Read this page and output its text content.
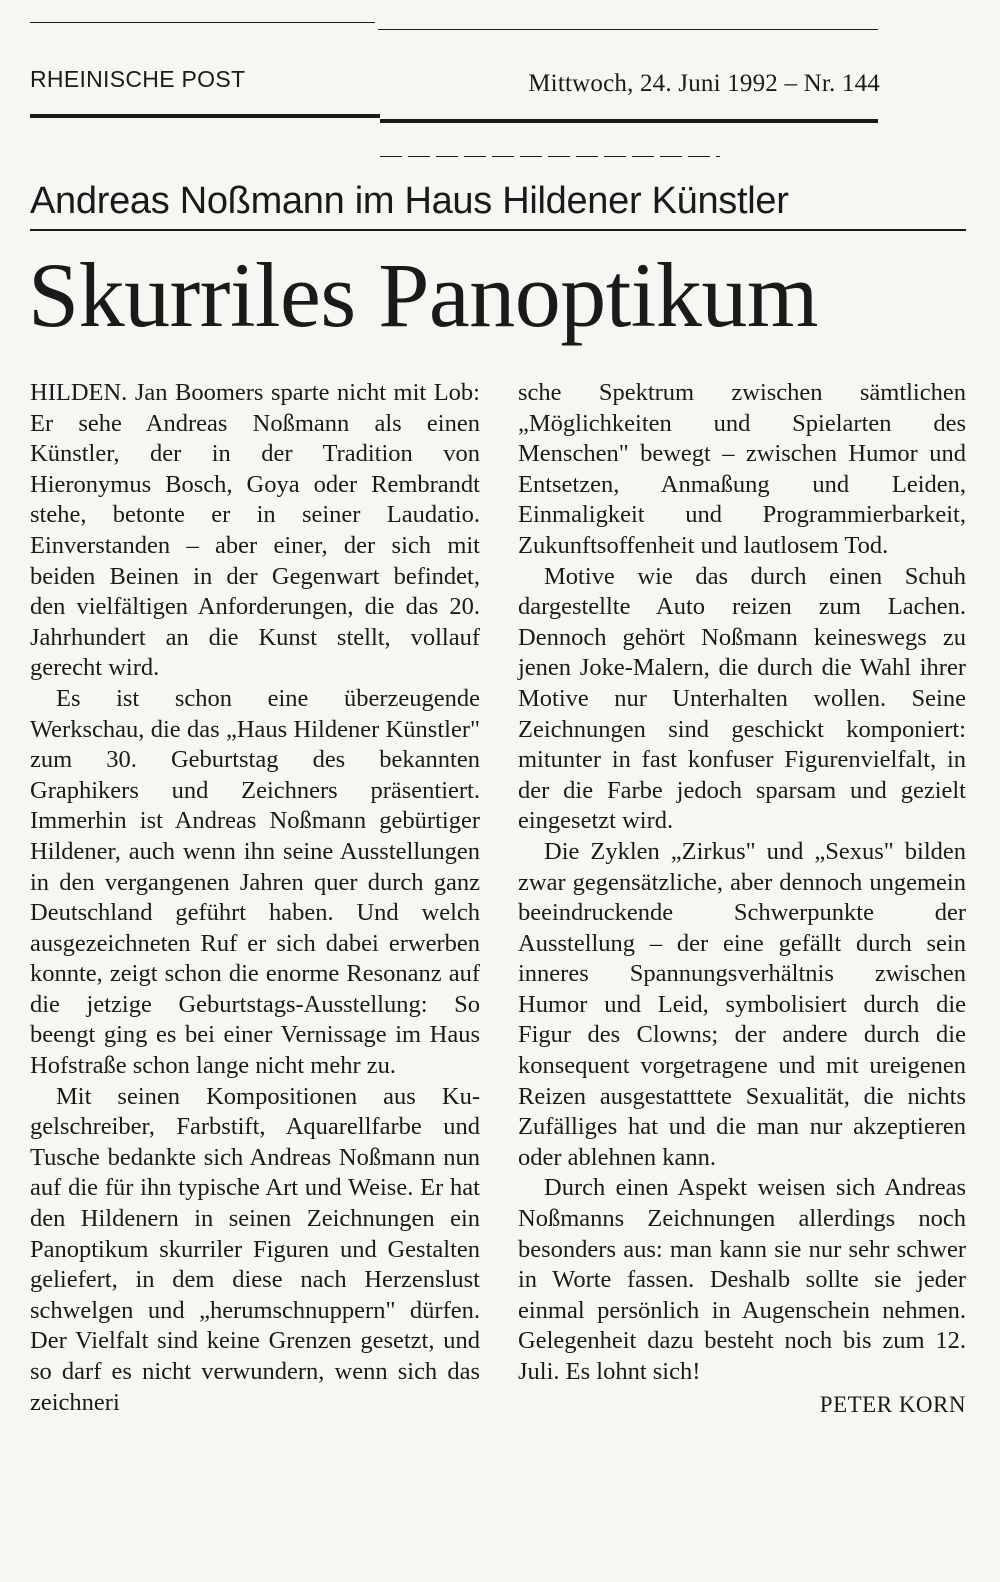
RHEINISCHE POST	Mittwoch, 24. Juni 1992 – Nr. 144
Andreas Noßmann im Haus Hildener Künstler
Skurriles Panoptikum

HILDEN. Jan Boomers sparte nicht mit Lob: Er sehe Andreas Noßmann als einen Künstler, der in der Tradition von Hieronymus Bosch, Goya oder Rembrandt stehe, betonte er in seiner Laudatio. Einverstanden – aber einer, der sich mit beiden Beinen in der Gegenwart befindet, den vielfältigen Anforderungen, die das 20. Jahrhundert an die Kunst stellt, vollauf gerecht wird.

Es ist schon eine überzeugende Werkschau, die das „Haus Hildener Künstler" zum 30. Geburtstag des bekannten Graphikers und Zeichners präsentiert. Immerhin ist Andreas Noßmann gebürtiger Hildener, auch wenn ihn seine Ausstellungen in den vergangenen Jahren quer durch ganz Deutschland geführt haben. Und welch ausgezeichneten Ruf er sich dabei erwerben konnte, zeigt schon die enorme Resonanz auf die jetzige Geburtstags-Ausstellung: So beengt ging es bei einer Vernissage im Haus Hofstraße schon lange nicht mehr zu.

Mit seinen Kompositionen aus Kugelschreiber, Farbstift, Aquarellfarbe und Tusche bedankte sich Andreas Noßmann nun auf die für ihn typische Art und Weise. Er hat den Hildenern in seinen Zeichnungen ein Panoptikum skurriler Figuren und Gestalten geliefert, in dem diese nach Herzenslust schwelgen und „herumschnuppern" dürfen. Der Vielfalt sind keine Grenzen gesetzt, und so darf es nicht verwundern, wenn sich das zeichneri

sche Spektrum zwischen sämtlichen „Möglichkeiten und Spielarten des Menschen" bewegt – zwischen Humor und Entsetzen, Anmaßung und Leiden, Einmaligkeit und Programmierbarkeit, Zukunftsoffenheit und lautlosem Tod.

Motive wie das durch einen Schuh dargestellte Auto reizen zum Lachen. Dennoch gehört Noßmann keineswegs zu jenen Joke-Malern, die durch die Wahl ihrer Motive nur Unterhalten wollen. Seine Zeichnungen sind geschickt komponiert: mitunter in fast konfuser Figurenvielfalt, in der die Farbe jedoch sparsam und gezielt eingesetzt wird.

Die Zyklen „Zirkus" und „Sexus" bilden zwar gegensätzliche, aber dennoch ungemein beeindruckende Schwerpunkte der Ausstellung – der eine gefällt durch sein inneres Spannungsverhältnis zwischen Humor und Leid, symbolisiert durch die Figur des Clowns; der andere durch die konsequent vorgetragene und mit ureigenen Reizen ausgestatttete Sexualität, die nichts Zufälliges hat und die man nur akzeptieren oder ablehnen kann.

Durch einen Aspekt weisen sich Andreas Noßmanns Zeichnungen allerdings noch besonders aus: man kann sie nur sehr schwer in Worte fassen. Deshalb sollte sie jeder einmal persönlich in Augenschein nehmen. Gelegenheit dazu besteht noch bis zum 12. Juli. Es lohnt sich!

PETER KORN
